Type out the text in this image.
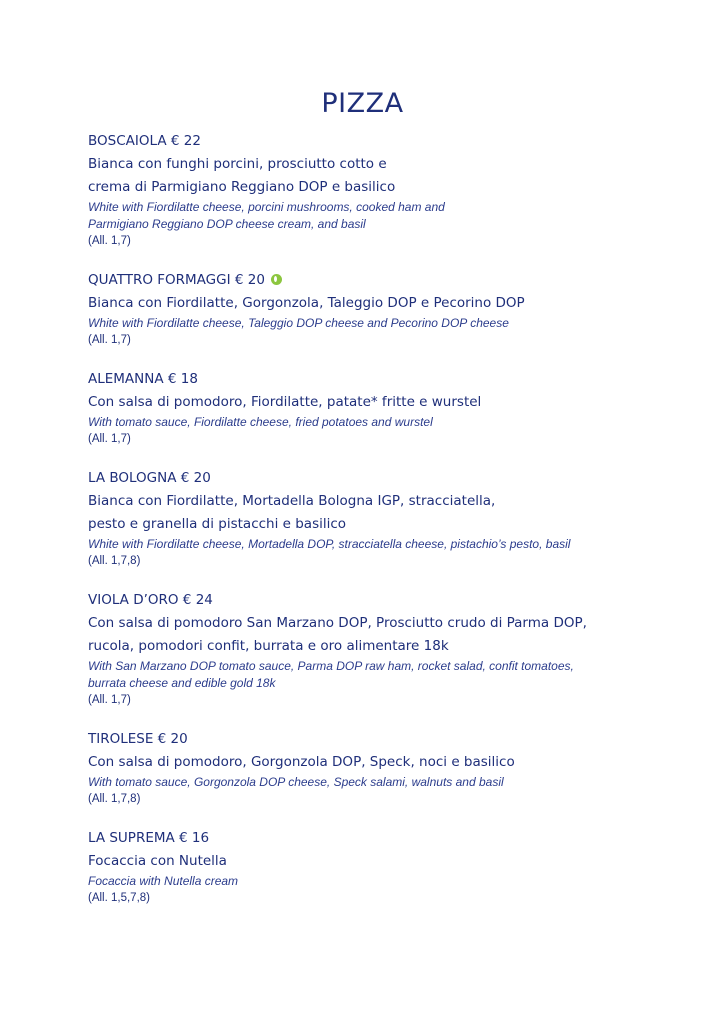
PIZZA
BOSCAIOLA € 22
Bianca con funghi porcini, prosciutto cotto e
crema di Parmigiano Reggiano DOP e basilico
White with Fiordilatte cheese, porcini mushrooms, cooked ham and
Parmigiano Reggiano DOP cheese cream, and basil
(All. 1,7)
QUATTRO FORMAGGI € 20
Bianca con Fiordilatte, Gorgonzola, Taleggio DOP e Pecorino DOP
White with Fiordilatte cheese, Taleggio DOP cheese and Pecorino DOP cheese
(All. 1,7)
ALEMANNA € 18
Con salsa di pomodoro, Fiordilatte, patate* fritte e wurstel
With tomato sauce, Fiordilatte cheese, fried potatoes and wurstel
(All. 1,7)
LA BOLOGNA € 20
Bianca con Fiordilatte, Mortadella Bologna IGP, stracciatella,
pesto e granella di pistacchi e basilico
White with Fiordilatte cheese, Mortadella DOP, stracciatella cheese, pistachio’s pesto, basil
(All. 1,7,8)
VIOLA D’ORO € 24
Con salsa di pomodoro San Marzano DOP, Prosciutto crudo di Parma DOP,
rucola, pomodori confit, burrata e oro alimentare 18k
With San Marzano DOP tomato sauce, Parma DOP raw ham, rocket salad, confit tomatoes,
burrata cheese and edible gold 18k
(All. 1,7)
TIROLESE € 20
Con salsa di pomodoro, Gorgonzola DOP, Speck, noci e basilico
With tomato sauce, Gorgonzola DOP cheese, Speck salami, walnuts and basil
(All. 1,7,8)
LA SUPREMA € 16
Focaccia con Nutella
Focaccia with Nutella cream
(All. 1,5,7,8)
